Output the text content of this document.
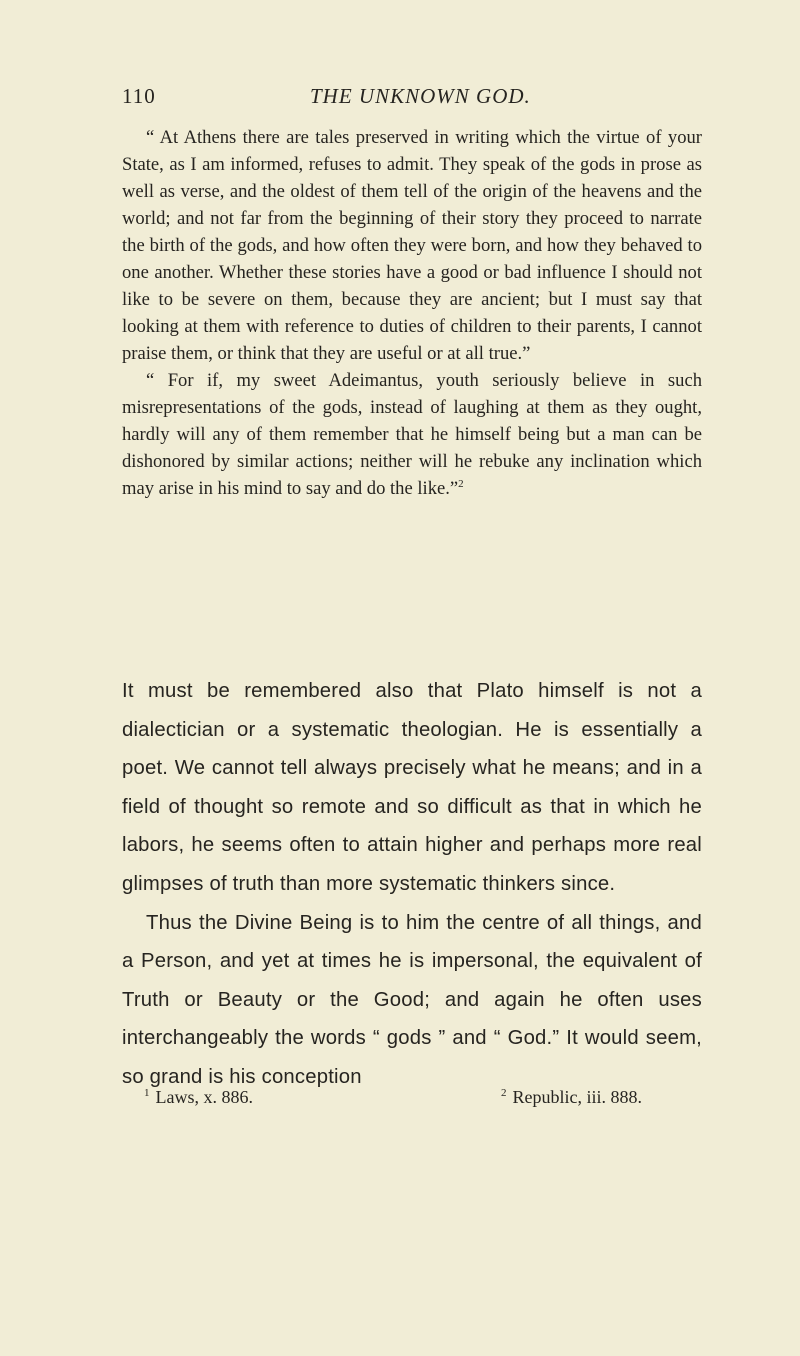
110	THE UNKNOWN GOD.

“ At Athens there are tales preserved in writing which the virtue of your State, as I am informed, refuses to admit. They speak of the gods in prose as well as verse, and the oldest of them tell of the origin of the heavens and the world; and not far from the beginning of their story they proceed to narrate the birth of the gods, and how often they were born, and how they behaved to one another. Whether these stories have a good or bad influence I should not like to be severe on them, because they are ancient; but I must say that looking at them with reference to duties of children to their parents, I cannot praise them, or think that they are useful or at all true.”

“ For if, my sweet Adeimantus, youth seriously believe in such misrepresentations of the gods, instead of laughing at them as they ought, hardly will any of them remember that he himself being but a man can be dishonored by similar actions; neither will he rebuke any inclination which may arise in his mind to say and do the like.”$^2$

It must be remembered also that Plato himself is not a dialectician or a systematic theologian. He is essentially a poet. We cannot tell always precisely what he means; and in a field of thought so remote and so difficult as that in which he labors, he seems often to attain higher and perhaps more real glimpses of truth than more systematic thinkers since.

Thus the Divine Being is to him the centre of all things, and a Person, and yet at times he is impersonal, the equivalent of Truth or Beauty or the Good; and again he often uses interchangeably the words “ gods ” and “ God.” It would seem, so grand is his conception

$^1$ Laws, x. 886.	$^2$ Republic, iii. 888.
